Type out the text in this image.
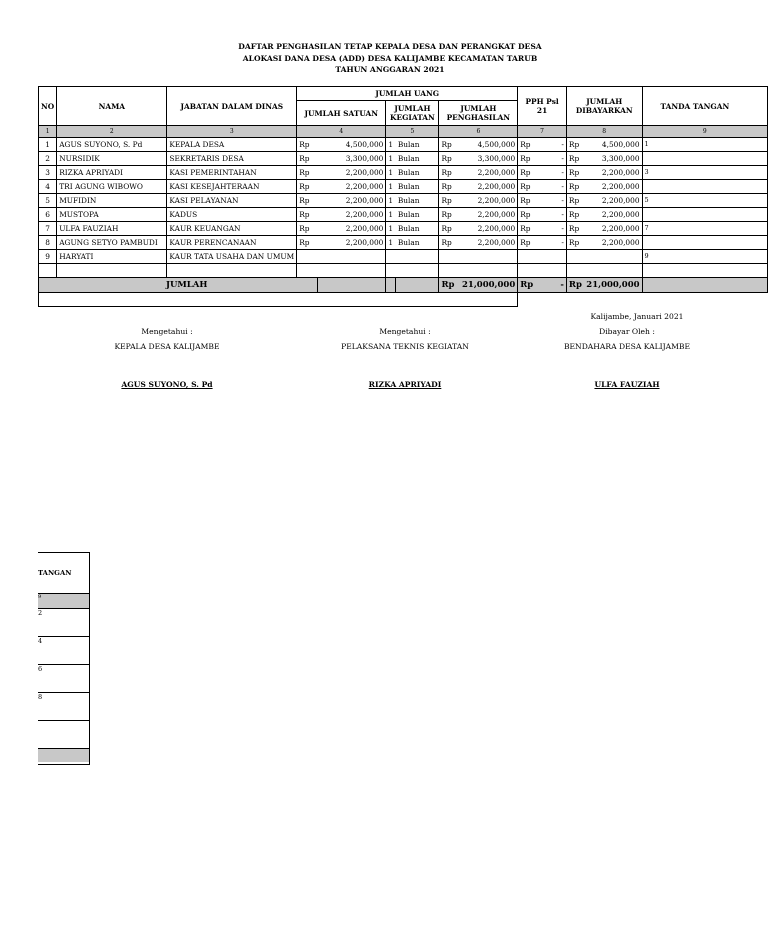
DAFTAR PENGHASILAN TETAP KEPALA DESA DAN PERANGKAT DESA
ALOKASI DANA DESA (ADD) DESA KALIJAMBE KECAMATAN TARUB
TAHUN ANGGARAN 2021
NO	NAMA	JABATAN DALAM DINAS	JUMLAH UANG						PPH Psl 21		JUMLAH DIBAYARKAN		TANDA TANGAN
			JUMLAH SATUAN		JUMLAH KEGIATAN		JUMLAH PENGHASILAN						
1	2	3	4		5		6		7		8		9
1	AGUS SUYONO, S. Pd	KEPALA DESA	Rp	4,500,000	1	Bulan	Rp	4,500,000	Rp	-	Rp	4,500,000	1
2	NURSIDIK	SEKRETARIS DESA	Rp	3,300,000	1	Bulan	Rp	3,300,000	Rp	-	Rp	3,300,000	
3	RIZKA APRIYADI	KASI PEMERINTAHAN	Rp	2,200,000	1	Bulan	Rp	2,200,000	Rp	-	Rp	2,200,000	3
4	TRI AGUNG WIBOWO	KASI KESEJAHTERAAN	Rp	2,200,000	1	Bulan	Rp	2,200,000	Rp	-	Rp	2,200,000	
5	MUFIDIN	KASI PELAYANAN	Rp	2,200,000	1	Bulan	Rp	2,200,000	Rp	-	Rp	2,200,000	5
6	MUSTOPA	KADUS	Rp	2,200,000	1	Bulan	Rp	2,200,000	Rp	-	Rp	2,200,000	
7	ULFA FAUZIAH	KAUR KEUANGAN	Rp	2,200,000	1	Bulan	Rp	2,200,000	Rp	-	Rp	2,200,000	7
8	AGUNG SETYO PAMBUDI	KAUR PERENCANAAN	Rp	2,200,000	1	Bulan	Rp	2,200,000	Rp	-	Rp	2,200,000	
9	HARYATI	KAUR TATA USAHA DAN UMUM											9

	JUMLAH						Rp	21,000,000	Rp	-	Rp	21,000,000	

Kalijambe, Januari 2021
Mengetahui :
KEPALA DESA KALIJAMBE
AGUS SUYONO, S. Pd
Mengetahui :
PELAKSANA TEKNIS KEGIATAN
RIZKA APRIYADI
Dibayar Oleh :
BENDAHARA DESA KALIJAMBE
ULFA FAUZIAH
TANGAN
9
2
4
6
8
